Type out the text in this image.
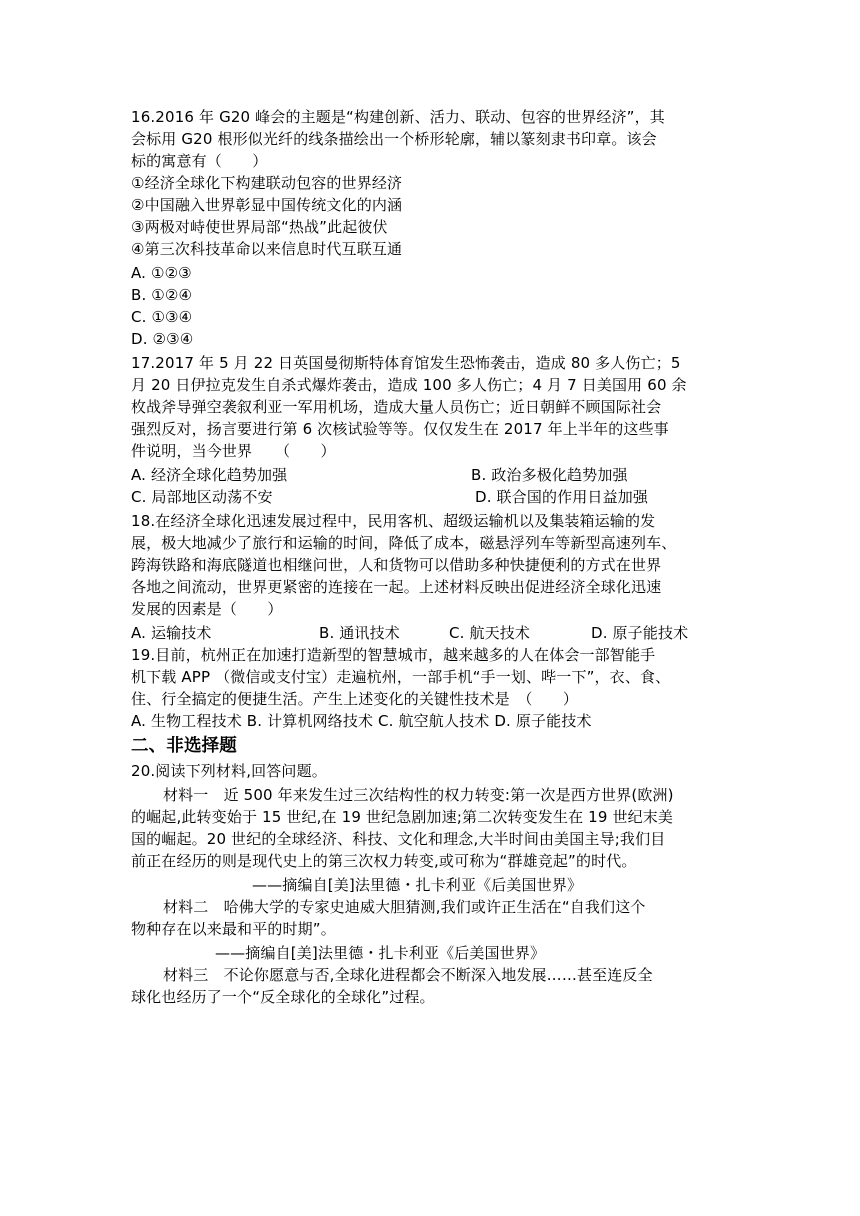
16.2016 年 G20 峰会的主题是“构建创新、活力、联动、包容的世界经济”，其
会标用 G20 根形似光纤的线条描绘出一个桥形轮廓，辅以篆刻隶书印章。该会
标的寓意有（　　）
①经济全球化下构建联动包容的世界经济
②中国融入世界彰显中国传统文化的内涵
③两极对峙使世界局部“热战”此起彼伏
④第三次科技革命以来信息时代互联互通
A. ①②③
B. ①②④
C. ①③④
D. ②③④
17.2017 年 5 月 22 日英国曼彻斯特体育馆发生恐怖袭击，造成 80 多人伤亡；5
月 20 日伊拉克发生自杀式爆炸袭击，造成 100 多人伤亡；4 月 7 日美国用 60 余
枚战斧导弹空袭叙利亚一军用机场，造成大量人员伤亡；近日朝鲜不顾国际社会
强烈反对，扬言要进行第 6 次核试验等等。仅仅发生在 2017 年上半年的这些事
件说明，当今世界　　（　　）
A. 经济全球化趋势加强	B. 政治多极化趋势加强
C. 局部地区动荡不安	D. 联合国的作用日益加强
18.在经济全球化迅速发展过程中，民用客机、超级运输机以及集装箱运输的发
展，极大地减少了旅行和运输的时间，降低了成本，磁悬浮列车等新型高速列车、
跨海铁路和海底隧道也相继问世，人和货物可以借助多种快捷便利的方式在世界
各地之间流动，世界更紧密的连接在一起。上述材料反映出促进经济全球化迅速
发展的因素是（　　）
A. 运输技术	B. 通讯技术	C. 航天技术	D. 原子能技术
19.目前，杭州正在加速打造新型的智慧城市，越来越多的人在体会一部智能手
机下载 APP （微信或支付宝）走遍杭州，一部手机“手一划、哔一下”，衣、食、
住、行全搞定的便捷生活。产生上述变化的关键性技术是　（　　）
A. 生物工程技术 B. 计算机网络技术 C. 航空航人技术 D. 原子能技术
二、非选择题
20.阅读下列材料,回答问题。
材料一　近 500 年来发生过三次结构性的权力转变:第一次是西方世界(欧洲)
的崛起,此转变始于 15 世纪,在 19 世纪急剧加速;第二次转变发生在 19 世纪末美
国的崛起。20 世纪的全球经济、科技、文化和理念,大半时间由美国主导;我们目
前正在经历的则是现代史上的第三次权力转变,或可称为“群雄竞起”的时代。
——摘编自[美]法里德・扎卡利亚《后美国世界》
材料二　哈佛大学的专家史迪威大胆猜测,我们或许正生活在“自我们这个
物种存在以来最和平的时期”。
——摘编自[美]法里德・扎卡利亚《后美国世界》
材料三　不论你愿意与否,全球化进程都会不断深入地发展……甚至连反全
球化也经历了一个“反全球化的全球化”过程。
